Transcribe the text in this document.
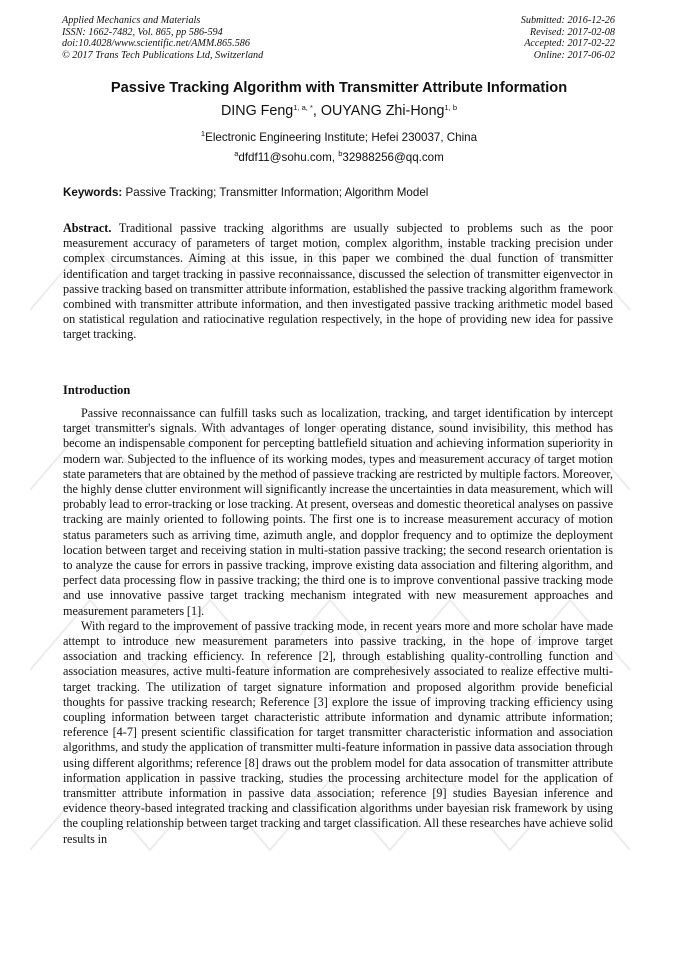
Applied Mechanics and Materials
ISSN: 1662-7482, Vol. 865, pp 586-594
doi:10.4028/www.scientific.net/AMM.865.586
© 2017 Trans Tech Publications Ltd, Switzerland
Submitted: 2016-12-26
Revised: 2017-02-08
Accepted: 2017-02-22
Online: 2017-06-02
Passive Tracking Algorithm with Transmitter Attribute Information
DING Feng$^{1, a, *}$, OUYANG Zhi-Hong$^{1, b}$
$^1$Electronic Engineering Institute; Hefei 230037, China
$^a$dfdf11@sohu.com, $^b$32988256@qq.com
Keywords: Passive Tracking; Transmitter Information; Algorithm Model
Abstract. Traditional passive tracking algorithms are usually subjected to problems such as the poor measurement accuracy of parameters of target motion, complex algorithm, instable tracking precision under complex circumstances. Aiming at this issue, in this paper we combined the dual function of transmitter identification and target tracking in passive reconnaissance, discussed the selection of transmitter eigenvector in passive tracking based on transmitter attribute information, established the passive tracking algorithm framework combined with transmitter attribute information, and then investigated passive tracking arithmetic model based on statistical regulation and ratiocinative regulation respectively, in the hope of providing new idea for passive target tracking.
Introduction

Passive reconnaissance can fulfill tasks such as localization, tracking, and target identification by intercept target transmitter's signals. With advantages of longer operating distance, sound invisibility, this method has become an indispensable component for percepting battlefield situation and achieving information superiority in modern war. Subjected to the influence of its working modes, types and measurement accuracy of target motion state parameters that are obtained by the method of passieve tracking are restricted by multiple factors. Moreover, the highly dense clutter environment will significantly increase the uncertainties in data measurement, which will probably lead to error-tracking or lose tracking. At present, overseas and domestic theoretical analyses on passive tracking are mainly oriented to following points. The first one is to increase measurement accuracy of motion status parameters such as arriving time, azimuth angle, and dopplor frequency and to optimize the deployment location between target and receiving station in multi-station passive tracking; the second research orientation is to analyze the cause for errors in passive tracking, improve existing data association and filtering algorithm, and perfect data processing flow in passive tracking; the third one is to improve conventional passive tracking mode and use innovative passive target tracking mechanism integrated with new measurement approaches and measurement parameters [1].

With regard to the improvement of passive tracking mode, in recent years more and more scholar have made attempt to introduce new measurement parameters into passive tracking, in the hope of improve target association and tracking efficiency. In reference [2], through establishing quality-controlling function and association measures, active multi-feature information are comprehesively associated to realize effective multi-target tracking. The utilization of target signature information and proposed algorithm provide beneficial thoughts for passive tracking research; Reference [3] explore the issue of improving tracking efficiency using coupling information between target characteristic attribute information and dynamic attribute information; reference [4-7] present scientific classification for target transmitter characteristic information and association algorithms, and study the application of transmitter multi-feature information in passive data association through using different algorithms; reference [8] draws out the problem model for data assocation of transmitter attribute information application in passive tracking, studies the processing architecture model for the application of transmitter attribute information in passive data association; reference [9] studies Bayesian inference and evidence theory-based integrated tracking and classification algorithms under bayesian risk framework by using the coupling relationship between target tracking and target classification. All these researches have achieve solid results in
